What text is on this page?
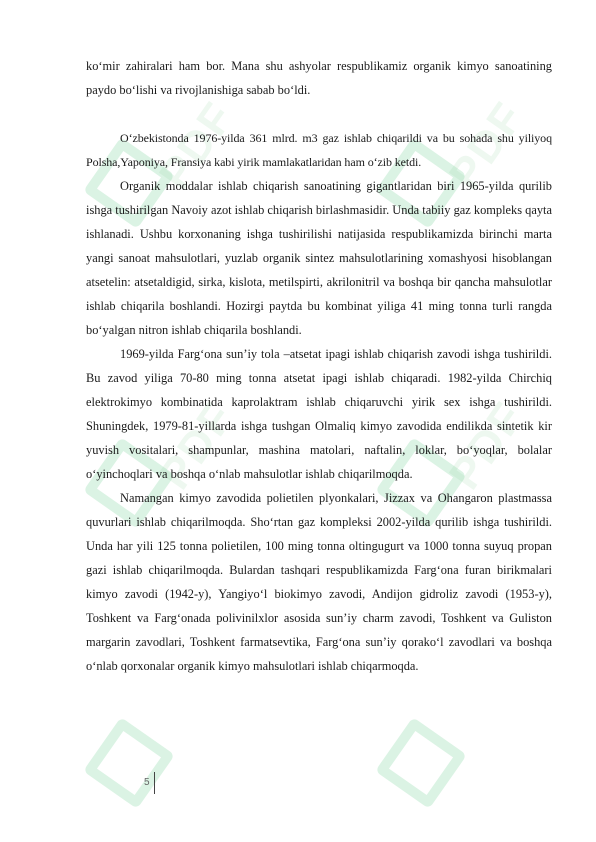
PDF	PDF
PDF	PDF

ko‘mir zahiralari ham bor. Mana shu ashyolar respublikamiz organik kimyo sanoatining paydo bo‘lishi va rivojlanishiga sabab bo‘ldi.

O‘zbekistonda 1976-yilda 361 mlrd. m3 gaz ishlab chiqarildi va bu sohada shu yiliyoq Polsha,Yaponiya, Fransiya kabi yirik mamlakatlaridan ham o‘zib ketdi.

Organik moddalar ishlab chiqarish sanoatining gigantlaridan biri 1965-yilda qurilib ishga tushirilgan Navoiy azot ishlab chiqarish birlashmasidir. Unda tabiiy gaz kompleks qayta ishlanadi. Ushbu korxonaning ishga tushirilishi natijasida respublikamizda birinchi marta yangi sanoat mahsulotlari, yuzlab organik sintez mahsulotlarining xomashyosi hisoblangan atsetelin: atsetaldigid, sirka, kislota, metilspirti, akrilonitril va boshqa bir qancha mahsulotlar ishlab chiqarila boshlandi. Hozirgi paytda bu kombinat yiliga 41 ming tonna turli rangda bo‘yalgan nitron ishlab chiqarila boshlandi.

1969-yilda Farg‘ona sun’iy tola –atsetat ipagi ishlab chiqarish zavodi ishga tushirildi. Bu zavod yiliga 70-80 ming tonna atsetat ipagi ishlab chiqaradi. 1982-yilda Chirchiq elektrokimyo kombinatida kaprolaktram ishlab chiqaruvchi yirik sex ishga tushirildi. Shuningdek, 1979-81-yillarda ishga tushgan Olmaliq kimyo zavodida endilikda sintetik kir yuvish vositalari, shampunlar, mashina matolari, naftalin, loklar, bo‘yoqlar, bolalar o‘yinchoqlari va boshqa o‘nlab mahsulotlar ishlab chiqarilmoqda.

Namangan kimyo zavodida polietilen plyonkalari, Jizzax va Ohangaron plastmassa quvurlari ishlab chiqarilmoqda. Sho‘rtan gaz kompleksi 2002-yilda qurilib ishga tushirildi. Unda har yili 125 tonna polietilen, 100 ming tonna oltingugurt va 1000 tonna suyuq propan gazi ishlab chiqarilmoqda. Bulardan tashqari respublikamizda Farg‘ona furan birikmalari kimyo zavodi (1942-y), Yangiyo‘l biokimyo zavodi, Andijon gidroliz zavodi (1953-y), Toshkent va Farg‘onada polivinilxlor asosida sun’iy charm zavodi, Toshkent va Guliston margarin zavodlari, Toshkent farmatsevtika, Farg‘ona sun’iy qorako‘l zavodlari va boshqa o‘nlab qorxonalar organik kimyo mahsulotlari ishlab chiqarmoqda.

5
